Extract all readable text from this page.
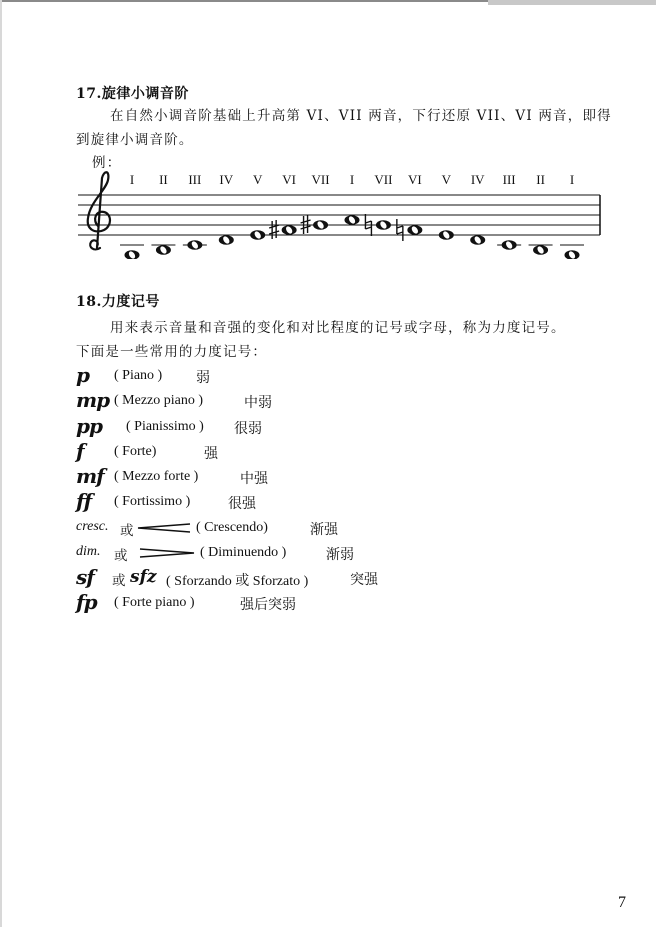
17.旋律小调音阶
在自然小调音阶基础上升高第 VI、VII 两音，下行还原 VII、VI 两音，即得
到旋律小调音阶。
例：
I II III IV V VI VII I VII VI V IV III II I
18.力度记号
用来表示音量和音强的变化和对比程度的记号或字母，称为力度记号。
下面是一些常用的力度记号：
p ( Piano ) 弱
mp ( Mezzo piano )	中弱
pp ( Pianissimo ) 很弱
f ( Forte)	强
mf ( Mezzo forte )	中强
ff ( Fortissimo )	很强
cresc. 或	( Crescendo)	渐强
dim. 或	( Diminuendo )	渐弱
sf 或 sfz ( Sforzando 或 Sforzato )	突强
fp ( Forte piano )	强后突弱
7
